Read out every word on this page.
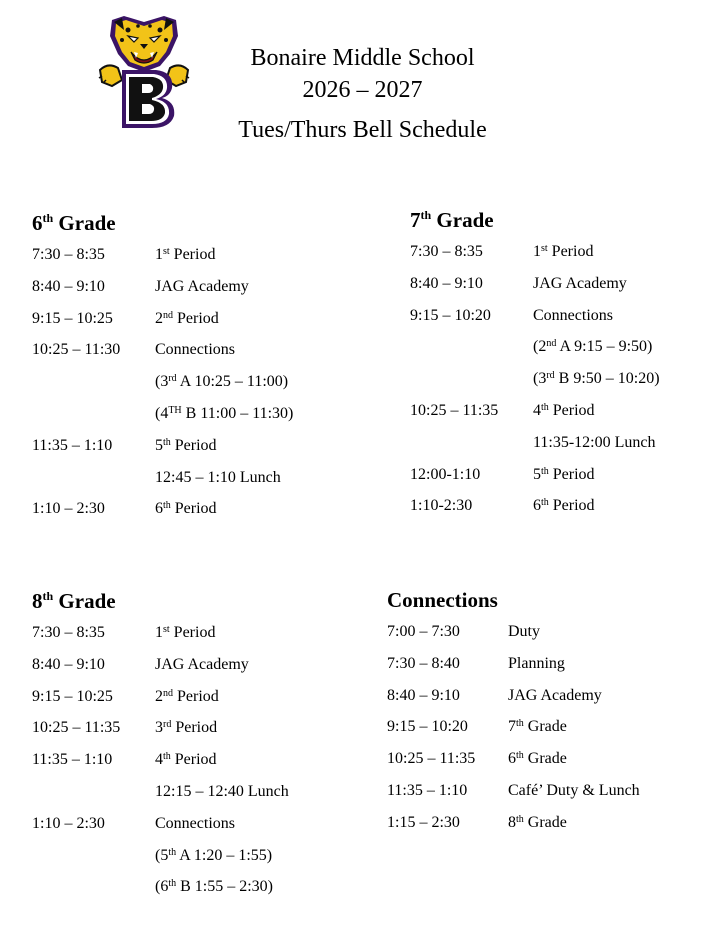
Bonaire Middle School
2026 – 2027
Tues/Thurs Bell Schedule
6th Grade
7:30 – 8:35	1st Period
8:40 – 9:10	JAG Academy
9:15 – 10:25	2nd Period
10:25 – 11:30 Connections
(3rd A 10:25 – 11:00)
(4TH B 11:00 – 11:30)
11:35 – 1:10	5th Period
12:45 – 1:10 Lunch
1:10 – 2:30	6th Period
7th Grade
7:30 – 8:35	1st Period
8:40 – 9:10	JAG Academy
9:15 – 10:20	Connections
(2nd A 9:15 – 9:50)
(3rd B 9:50 – 10:20)
10:25 – 11:35 4th Period
11:35-12:00 Lunch
12:00-1:10	5th Period
1:10-2:30	6th Period
8th Grade
7:30 – 8:35	1st Period
8:40 – 9:10	JAG Academy
9:15 – 10:25	2nd Period
10:25 – 11:35 3rd Period
11:35 – 1:10	4th Period
12:15 – 12:40 Lunch
1:10 – 2:30	Connections
(5th A 1:20 – 1:55)
(6th B 1:55 – 2:30)
Connections
7:00 – 7:30	Duty
7:30 – 8:40	Planning
8:40 – 9:10	JAG Academy
9:15 – 10:20	7th Grade
10:25 – 11:35 6th Grade
11:35 – 1:10	Café’ Duty & Lunch
1:15 – 2:30	8th Grade
